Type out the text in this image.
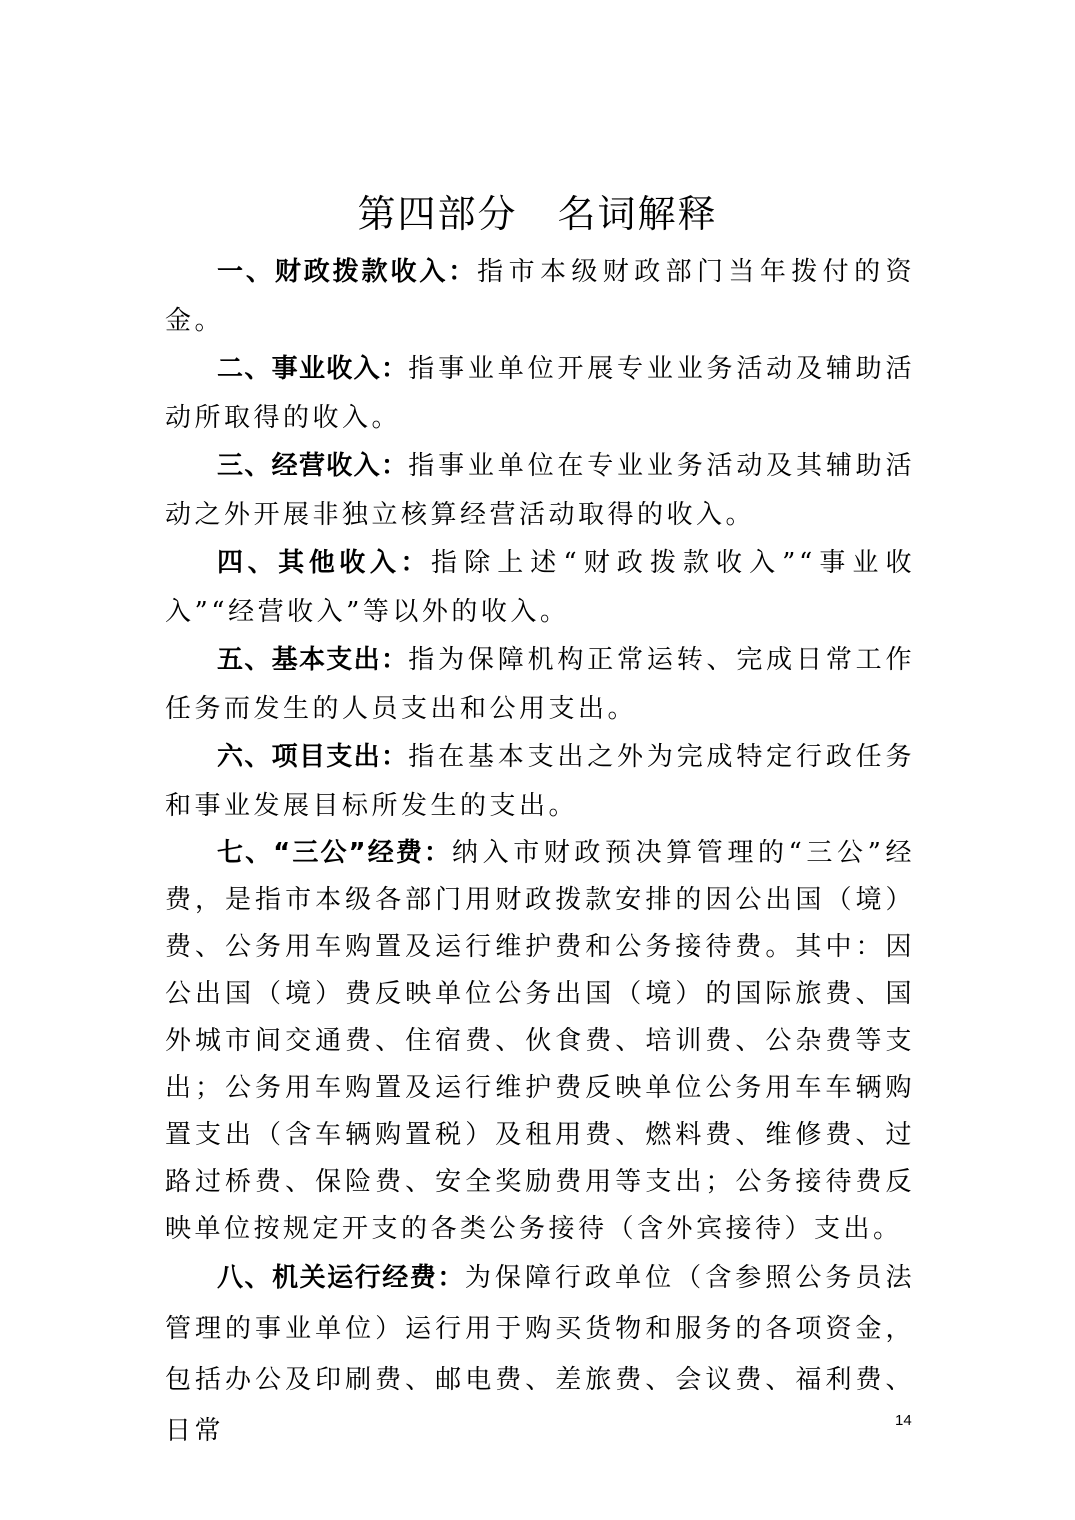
第四部分 名词解释

一、财政拨款收入：指市本级财政部门当年拨付的资金。

二、事业收入：指事业单位开展专业业务活动及辅助活动所取得的收入。

三、经营收入：指事业单位在专业业务活动及其辅助活动之外开展非独立核算经营活动取得的收入。

四、其他收入：指除上述“财政拨款收入”“事业收入”“经营收入”等以外的收入。

五、基本支出：指为保障机构正常运转、完成日常工作任务而发生的人员支出和公用支出。

六、项目支出：指在基本支出之外为完成特定行政任务和事业发展目标所发生的支出。

七、“三公”经费：纳入市财政预决算管理的“三公”经费，是指市本级各部门用财政拨款安排的因公出国（境）费、公务用车购置及运行维护费和公务接待费。其中：因公出国（境）费反映单位公务出国（境）的国际旅费、国外城市间交通费、住宿费、伙食费、培训费、公杂费等支出；公务用车购置及运行维护费反映单位公务用车车辆购置支出（含车辆购置税）及租用费、燃料费、维修费、过路过桥费、保险费、安全奖励费用等支出；公务接待费反映单位按规定开支的各类公务接待（含外宾接待）支出。

八、机关运行经费：为保障行政单位（含参照公务员法管理的事业单位）运行用于购买货物和服务的各项资金，包括办公及印刷费、邮电费、差旅费、会议费、福利费、日常	14
